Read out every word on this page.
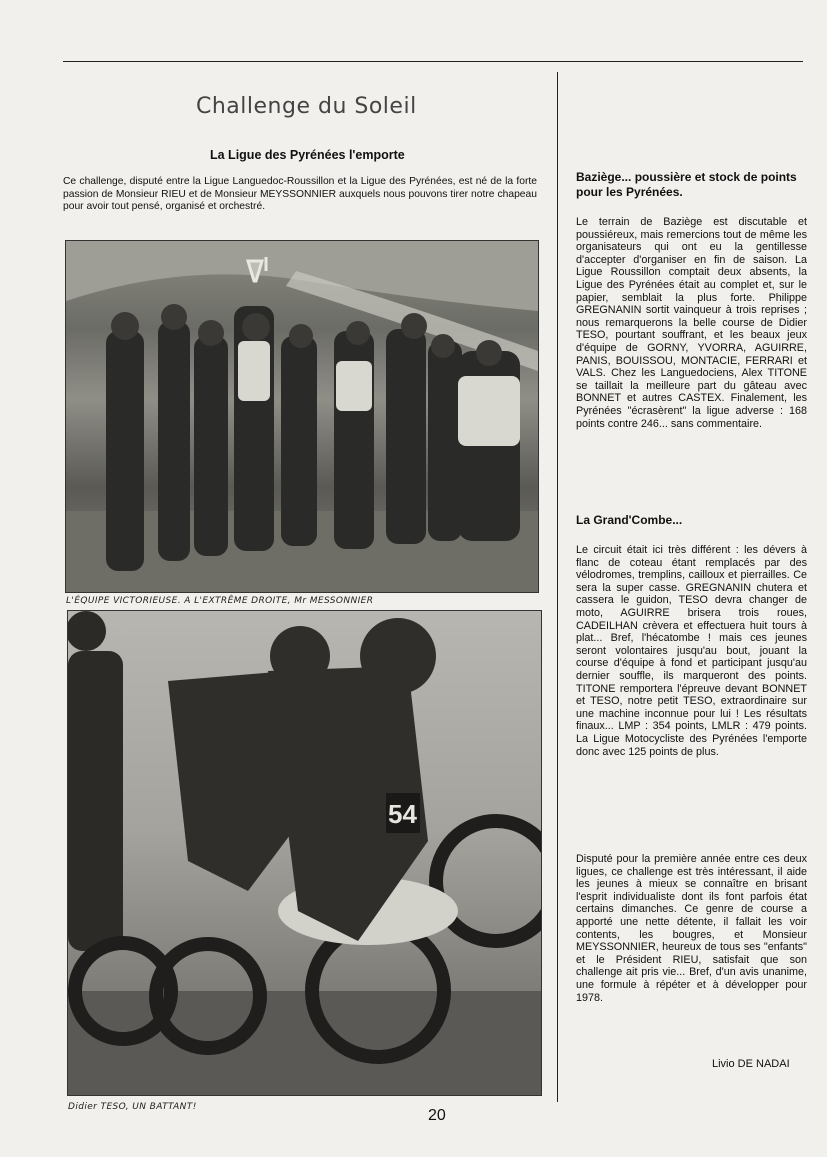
Challenge du Soleil
La Ligue des Pyrénées l'emporte

Ce challenge, disputé entre la Ligue Languedoc-Roussillon et la Ligue des Pyrénées, est né de la forte passion de Monsieur RIEU et de Monsieur MEYSSONNIER auxquels nous pouvons tirer notre chapeau pour avoir tout pensé, organisé et orchestré.

L'ÉQUIPE VICTORIEUSE. A L'EXTRÊME DROITE, Mr MESSONNIER
54
Didier TESO, UN BATTANT!	20
Baziège... poussière et stock de points pour les Pyrénées.

Le terrain de Baziège est discutable et poussiéreux, mais remercions tout de même les organisateurs qui ont eu la gentillesse d'accepter d'organiser en fin de saison. La Ligue Roussillon comptait deux absents, la Ligue des Pyrénées était au complet et, sur le papier, semblait la plus forte. Philippe GREGNANIN sortit vainqueur à trois reprises ; nous remarquerons la belle course de Didier TESO, pourtant souffrant, et les beaux jeux d'équipe de GORNY, YVORRA, AGUIRRE, PANIS, BOUISSOU, MONTACIE, FERRARI et VALS. Chez les Languedociens, Alex TITONE se taillait la meilleure part du gâteau avec BONNET et autres CASTEX. Finalement, les Pyrénées "écrasèrent" la ligue adverse : 168 points contre 246... sans commentaire.

La Grand'Combe...

Le circuit était ici très différent : les dévers à flanc de coteau étant remplacés par des vélodromes, tremplins, cailloux et pierrailles. Ce sera la super casse. GREGNANIN chutera et cassera le guidon, TESO devra changer de moto, AGUIRRE brisera trois roues, CADEILHAN crèvera et effectuera huit tours à plat... Bref, l'hécatombe ! mais ces jeunes seront volontaires jusqu'au bout, jouant la course d'équipe à fond et participant jusqu'au dernier souffle, ils marqueront des points. TITONE remportera l'épreuve devant BONNET et TESO, notre petit TESO, extraordinaire sur une machine inconnue pour lui ! Les résultats finaux... LMP : 354 points, LMLR : 479 points. La Ligue Motocycliste des Pyrénées l'emporte donc avec 125 points de plus.

Disputé pour la première année entre ces deux ligues, ce challenge est très intéressant, il aide les jeunes à mieux se connaître en brisant l'esprit individualiste dont ils font parfois état certains dimanches. Ce genre de course a apporté une nette détente, il fallait les voir contents, les bougres, et Monsieur MEYSSONNIER, heureux de tous ses "enfants" et le Président RIEU, satisfait que son challenge ait pris vie... Bref, d'un avis unanime, une formule à répéter et à développer pour 1978.

Livio DE NADAI
